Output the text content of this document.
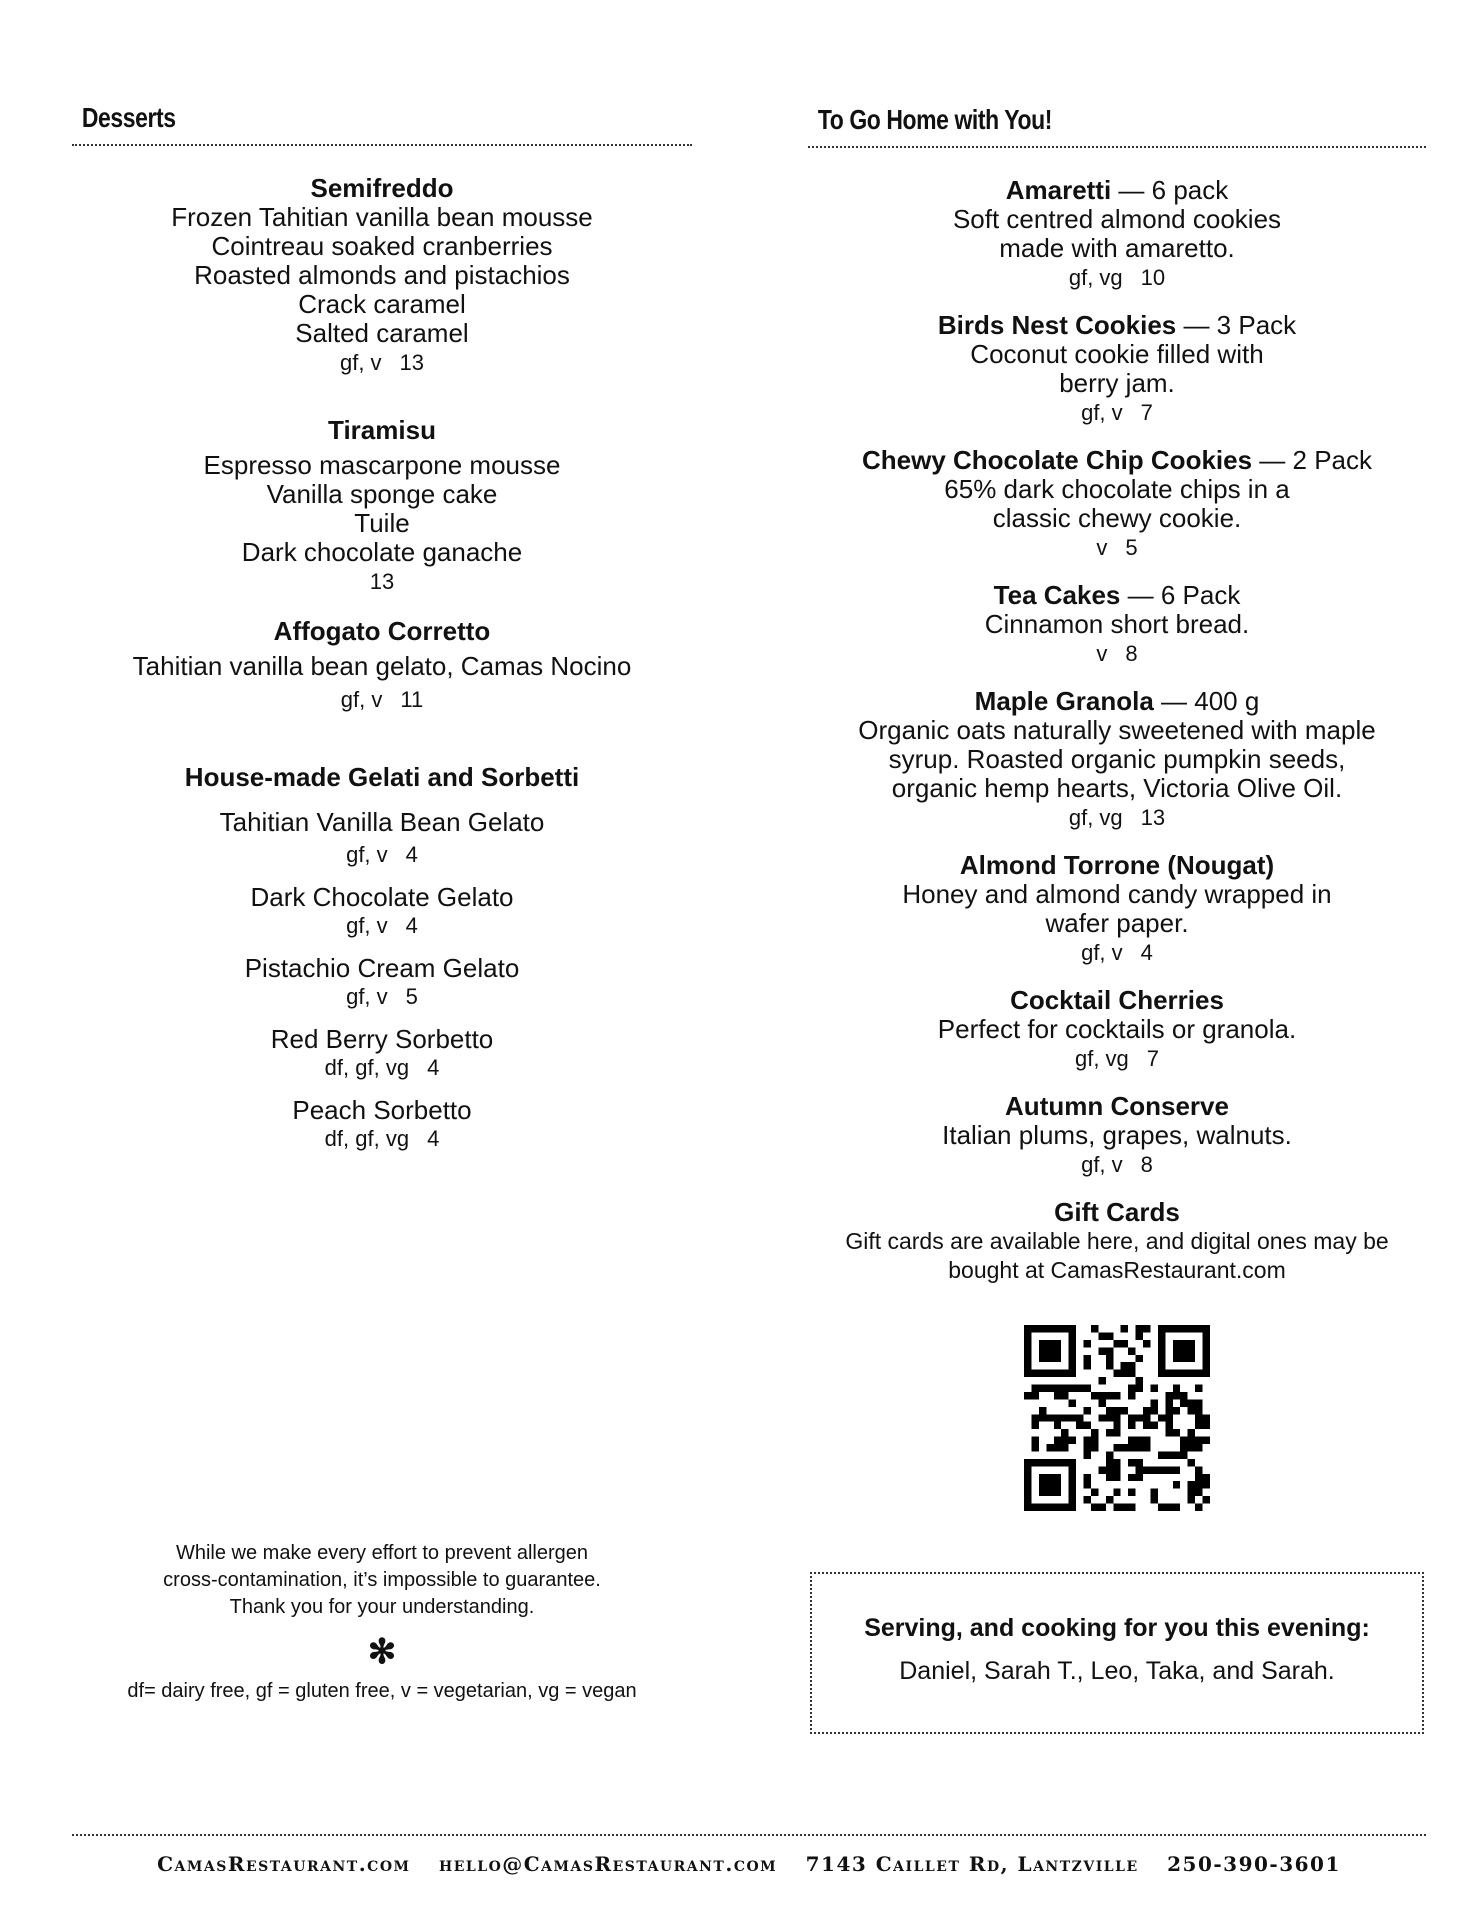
Desserts
Semifreddo
Frozen Tahitian vanilla bean mousse
Cointreau soaked cranberries
Roasted almonds and pistachios
Crack caramel
Salted caramel
gf, v 13
Tiramisu
Espresso mascarpone mousse
Vanilla sponge cake
Tuile
Dark chocolate ganache
13
Affogato Corretto
Tahitian vanilla bean gelato, Camas Nocino
gf, v 11
House-made Gelati and Sorbetti
Tahitian Vanilla Bean Gelato
gf, v 4
Dark Chocolate Gelato
gf, v 4
Pistachio Cream Gelato
gf, v 5
Red Berry Sorbetto
df, gf, vg 4
Peach Sorbetto
df, gf, vg 4
While we make every effort to prevent allergen
cross-contamination, it’s impossible to guarantee.
Thank you for your understanding.
✻
df= dairy free, gf = gluten free, v = vegetarian, vg = vegan
To Go Home with You!
Amaretti — 6 pack
Soft centred almond cookies
made with amaretto.
gf, vg 10
Birds Nest Cookies — 3 Pack
Coconut cookie filled with
berry jam.
gf, v 7
Chewy Chocolate Chip Cookies — 2 Pack
65% dark chocolate chips in a
classic chewy cookie.
v 5
Tea Cakes — 6 Pack
Cinnamon short bread.
v 8
Maple Granola — 400 g
Organic oats naturally sweetened with maple
syrup. Roasted organic pumpkin seeds,
organic hemp hearts, Victoria Olive Oil.
gf, vg 13
Almond Torrone (Nougat)
Honey and almond candy wrapped in
wafer paper.
gf, v 4
Cocktail Cherries
Perfect for cocktails or granola.
gf, vg 7
Autumn Conserve
Italian plums, grapes, walnuts.
gf, v 8
Gift Cards
Gift cards are available here, and digital ones may be
bought at CamasRestaurant.com
Serving, and cooking for you this evening:
Daniel, Sarah T., Leo, Taka, and Sarah.
CamasRestaurant.com hello@CamasRestaurant.com 7143 Caillet Rd, Lantzville 250-390-3601
